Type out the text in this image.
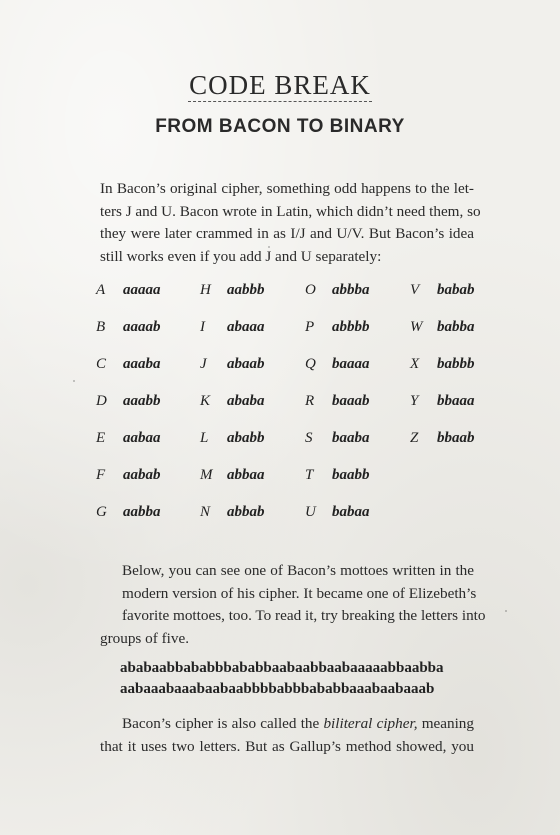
CODE BREAK
FROM BACON TO BINARY
In Bacon’s original cipher, something odd happens to the let-
ters J and U. Bacon wrote in Latin, which didn’t need them, so
they were later crammed in as I/J and U/V. But Bacon’s idea
still works even if you add J and U separately:
A aaaaa
B aaaab
C aaaba
D aaabb
E aabaa
F aabab
G aabba
H aabbb
I abaaa
J abaab
K ababa
L ababb
M abbaa
N abbab
O abbba
P abbbb
Q baaaa
R baaab
S baaba
T baabb
U babaa
V babab
W babba
X babbb
Y bbaaa
Z bbaab
Below, you can see one of Bacon’s mottoes written in the
modern version of his cipher. It became one of Elizebeth’s
favorite mottoes, too. To read it, try breaking the letters into
groups of five.
ababaabbababbbababbaabaabbaabaaaaabbaabba
aabaaabaaabaabaabbbbabbbababbaaabaabaaab
Bacon’s cipher is also called the biliteral cipher, meaning
that it uses two letters. But as Gallup’s method showed, you
